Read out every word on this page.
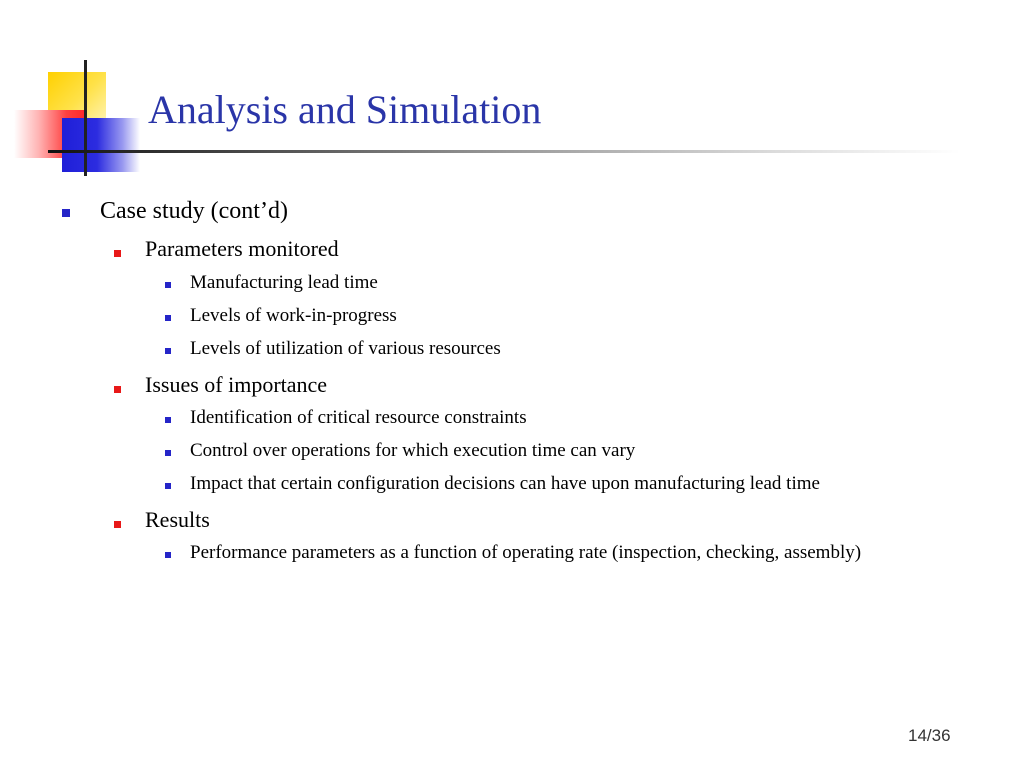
Analysis and Simulation
Case study (cont’d)
Parameters monitored
Manufacturing lead time
Levels of work-in-progress
Levels of utilization of various resources
Issues of importance
Identification of critical resource constraints
Control over operations for which execution time can vary
Impact that certain configuration decisions can have upon manufacturing lead time
Results
Performance parameters as a function of operating rate (inspection, checking, assembly)
14/36
